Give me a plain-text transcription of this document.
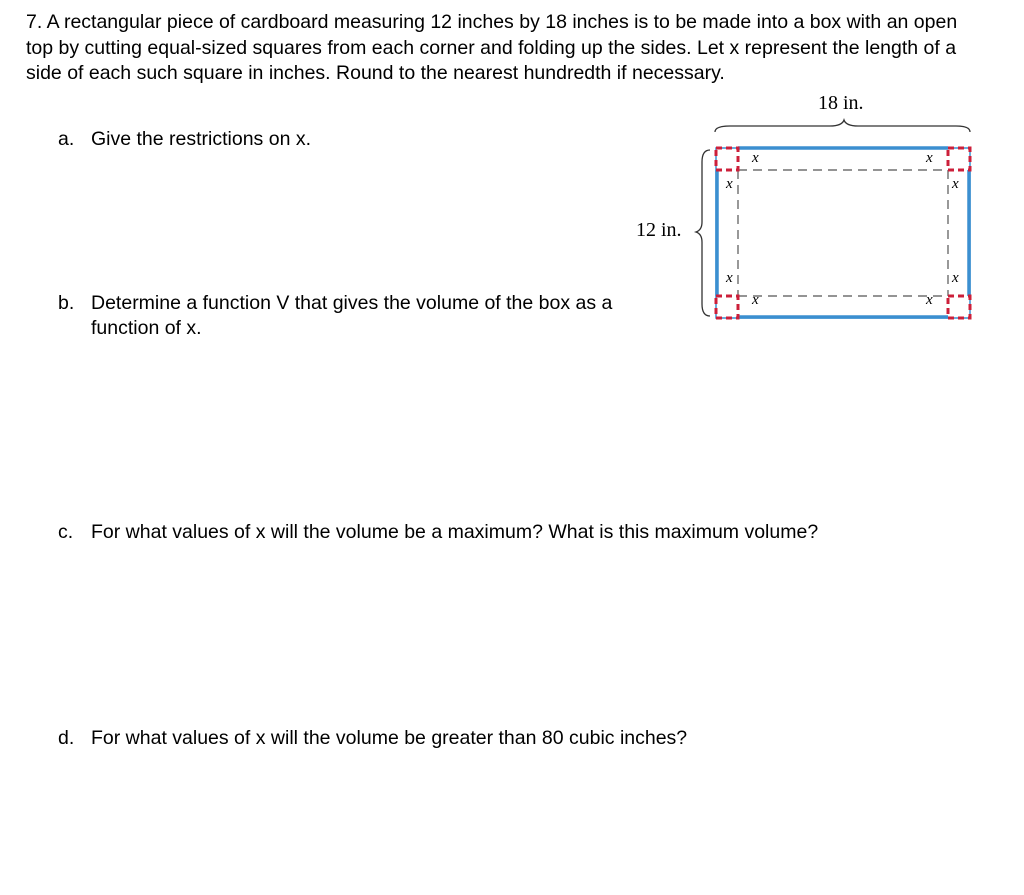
7. A rectangular piece of cardboard measuring 12 inches by 18 inches is to be made into a box with an open top by cutting equal-sized squares from each corner and folding up the sides. Let x represent the length of a side of each such square in inches. Round to the nearest hundredth if necessary.

a. Give the restrictions on x.
b. Determine a function V that gives the volume of the box as a function of x.
c. For what values of x will the volume be a maximum? What is this maximum volume?
d. For what values of x will the volume be greater than 80 cubic inches?
18 in.
12 in.
x
x
x
x
x
x
x
x
